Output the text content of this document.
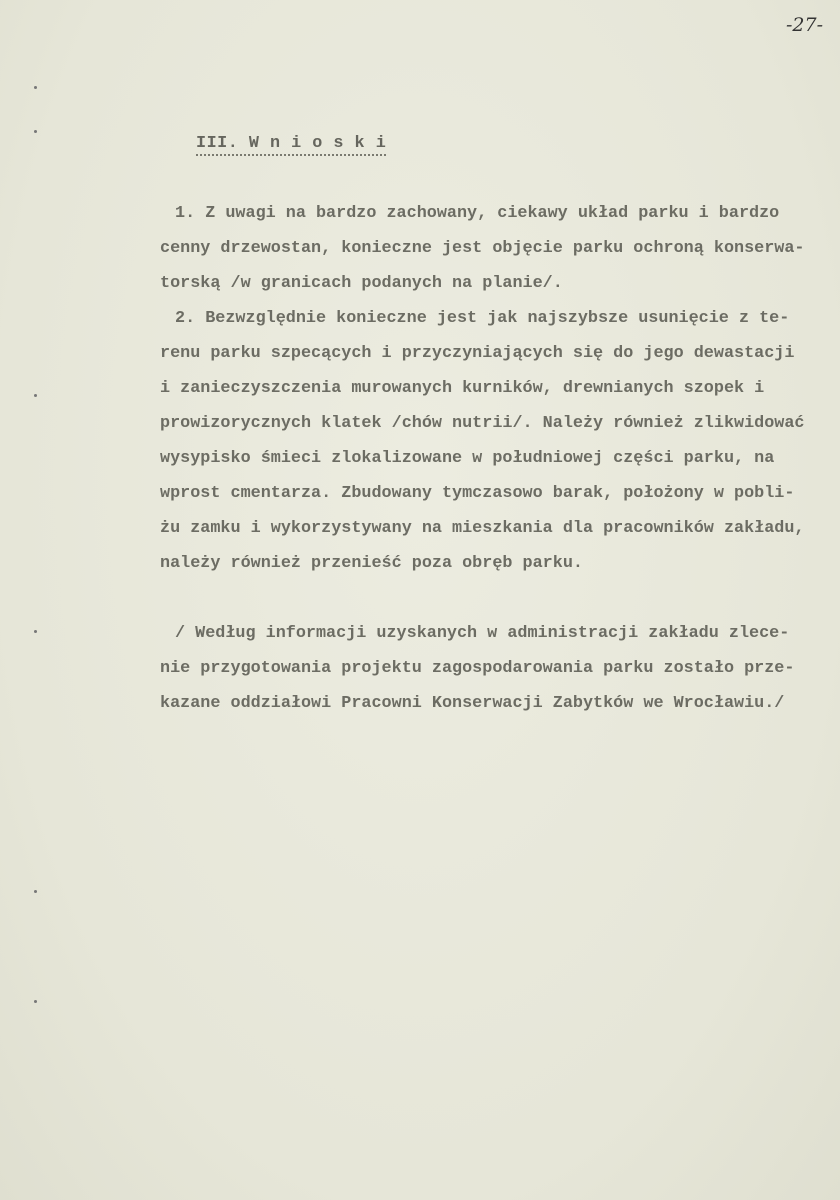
-27-
III. W n i o s k i
1. Z uwagi na bardzo zachowany, ciekawy układ parku i bardzo
cenny drzewostan, konieczne jest objęcie parku ochroną konserwa-
torską /w granicach podanych na planie/.
2. Bezwzględnie konieczne jest jak najszybsze usunięcie z te-
renu parku szpecących i przyczyniających się do jego dewastacji
i zanieczyszczenia murowanych kurników, drewnianych szopek i
prowizorycznych klatek /chów nutrii/. Należy również zlikwidować
wysypisko śmieci zlokalizowane w południowej części parku, na
wprost cmentarza. Zbudowany tymczasowo barak, położony w pobli-
żu zamku i wykorzystywany na mieszkania dla pracowników zakładu,
należy również przenieść poza obręb parku.
/ Według informacji uzyskanych w administracji zakładu zlece-
nie przygotowania projektu zagospodarowania parku zostało prze-
kazane oddziałowi Pracowni Konserwacji Zabytków we Wrocławiu./
